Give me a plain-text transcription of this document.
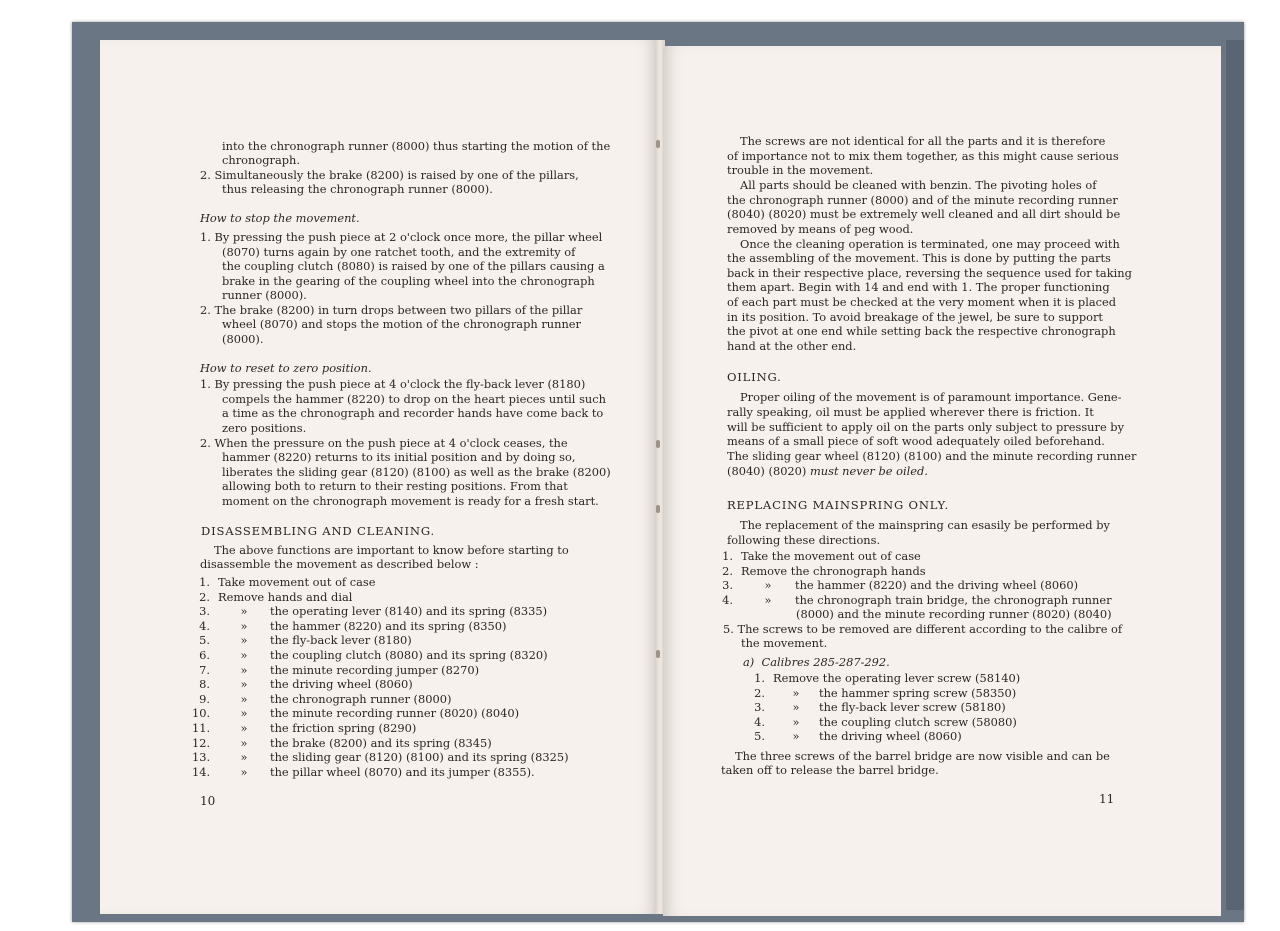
into the chronograph runner (8000) thus starting the motion of the
chronograph.
2. Simultaneously the brake (8200) is raised by one of the pillars,
thus releasing the chronograph runner (8000).
How to stop the movement.
1. By pressing the push piece at 2 o'clock once more, the pillar wheel
(8070) turns again by one ratchet tooth, and the extremity of
the coupling clutch (8080) is raised by one of the pillars causing a
brake in the gearing of the coupling wheel into the chronograph
runner (8000).
2. The brake (8200) in turn drops between two pillars of the pillar
wheel (8070) and stops the motion of the chronograph runner
(8000).
How to reset to zero position.
1. By pressing the push piece at 4 o'clock the fly-back lever (8180)
compels the hammer (8220) to drop on the heart pieces until such
a time as the chronograph and recorder hands have come back to
zero positions.
2. When the pressure on the push piece at 4 o'clock ceases, the
hammer (8220) returns to its initial position and by doing so,
liberates the sliding gear (8120) (8100) as well as the brake (8200)
allowing both to return to their resting positions. From that
moment on the chronograph movement is ready for a fresh start.
DISASSEMBLING AND CLEANING.
The above functions are important to know before starting to
disassemble the movement as described below :
1. Take movement out of case
2. Remove hands and dial
3.	» the operating lever (8140) and its spring (8335)
4.	» the hammer (8220) and its spring (8350)
5.	» the fly-back lever (8180)
6.	» the coupling clutch (8080) and its spring (8320)
7.	» the minute recording jumper (8270)
8.	» the driving wheel (8060)
9.	» the chronograph runner (8000)
10.	» the minute recording runner (8020) (8040)
11.	» the friction spring (8290)
12.	» the brake (8200) and its spring (8345)
13.	» the sliding gear (8120) (8100) and its spring (8325)
14.	» the pillar wheel (8070) and its jumper (8355).
10
The screws are not identical for all the parts and it is therefore
of importance not to mix them together, as this might cause serious
trouble in the movement.
All parts should be cleaned with benzin. The pivoting holes of
the chronograph runner (8000) and of the minute recording runner
(8040) (8020) must be extremely well cleaned and all dirt should be
removed by means of peg wood.
Once the cleaning operation is terminated, one may proceed with
the assembling of the movement. This is done by putting the parts
back in their respective place, reversing the sequence used for taking
them apart. Begin with 14 and end with 1. The proper functioning
of each part must be checked at the very moment when it is placed
in its position. To avoid breakage of the jewel, be sure to support
the pivot at one end while setting back the respective chronograph
hand at the other end.
OILING.
Proper oiling of the movement is of paramount importance. Gene-
rally speaking, oil must be applied wherever there is friction. It
will be sufficient to apply oil on the parts only subject to pressure by
means of a small piece of soft wood adequately oiled beforehand.
The sliding gear wheel (8120) (8100) and the minute recording runner
(8040) (8020) must never be oiled.
REPLACING MAINSPRING ONLY.
The replacement of the mainspring can esasily be performed by
following these directions.
1. Take the movement out of case
2. Remove the chronograph hands
3.	» the hammer (8220) and the driving wheel (8060)
4.	» the chronograph train bridge, the chronograph runner
(8000) and the minute recording runner (8020) (8040)
5. The screws to be removed are different according to the calibre of
the movement.
a) Calibres 285-287-292.
1. Remove the operating lever screw (58140)
2. » the hammer spring screw (58350)
3. » the fly-back lever screw (58180)
4. » the coupling clutch screw (58080)
5. » the driving wheel (8060)
The three screws of the barrel bridge are now visible and can be
taken off to release the barrel bridge.
11
